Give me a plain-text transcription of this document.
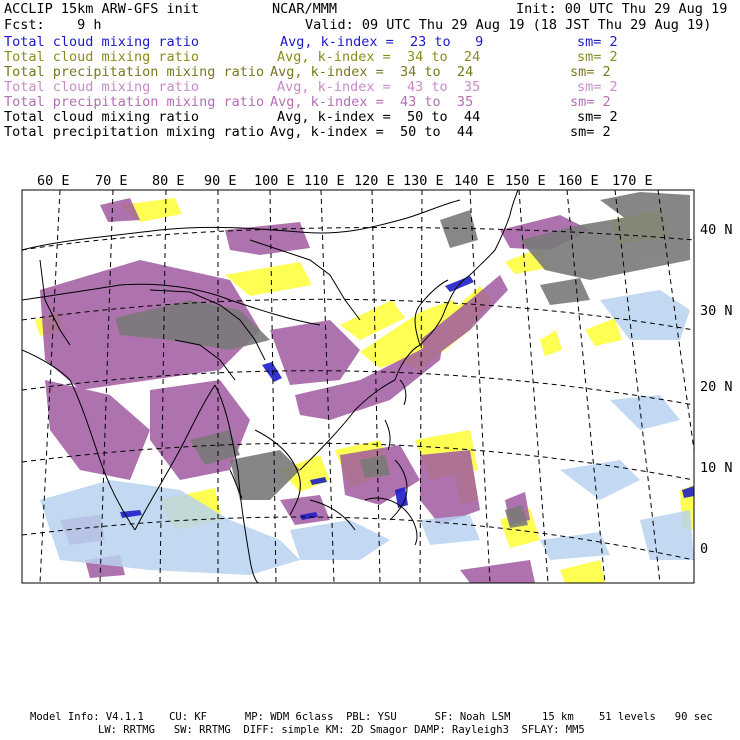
ACCLIP 15km ARW-GFS init	NCAR/MMM	Init: 00 UTC Thu 29 Aug 19
Fcst:    9 h	Valid: 09 UTC Thu 29 Aug 19 (18 JST Thu 29 Aug 19)
Total cloud mixing ratio	Avg, k-index =  23 to   9	sm= 2
Total cloud mixing ratio	Avg, k-index =  34 to  24	sm= 2
Total precipitation mixing ratio Avg, k-index =  34 to  24	sm= 2
Total cloud mixing ratio	Avg, k-index =  43 to  35	sm= 2
Total precipitation mixing ratio Avg, k-index =  43 to  35	sm= 2
Total cloud mixing ratio	Avg, k-index =  50 to  44	sm= 2
Total precipitation mixing ratio Avg, k-index =  50 to  44	sm= 2
60 E 70 E 80 E 90 E 100 E 110 E 120 E 130 E 140 E 150 E 160 E 170 E
40 N
30 N
20 N
10 N
0
Model Info: V4.1.1    CU: KF      MP: WDM 6class  PBL: YSU      SF: Noah LSM     15 km    51 levels   90 sec
LW: RRTMG   SW: RRTMG  DIFF: simple KM: 2D Smagor DAMP: Rayleigh3  SFLAY: MM5
